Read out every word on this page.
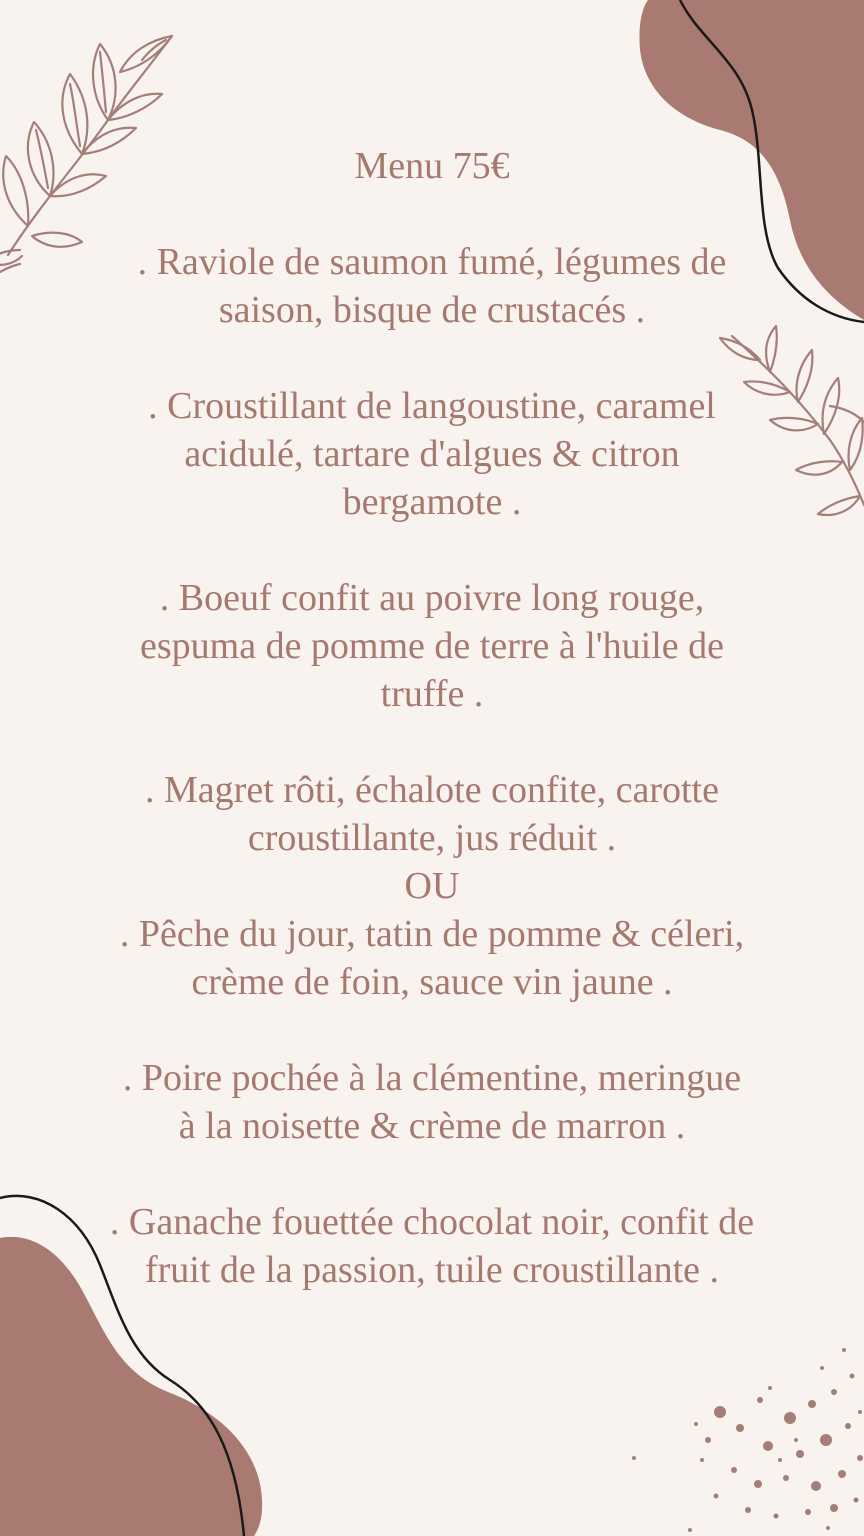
Menu 75€
. Raviole de saumon fumé, légumes de
saison, bisque de crustacés .
. Croustillant de langoustine, caramel
acidulé, tartare d'algues & citron
bergamote .
. Boeuf confit au poivre long rouge,
espuma de pomme de terre à l'huile de
truffe .
. Magret rôti, échalote confite, carotte
croustillante, jus réduit .
OU
. Pêche du jour, tatin de pomme & céleri,
crème de foin, sauce vin jaune .
. Poire pochée à la clémentine, meringue
à la noisette & crème de marron .
. Ganache fouettée chocolat noir, confit de
fruit de la passion, tuile croustillante .
